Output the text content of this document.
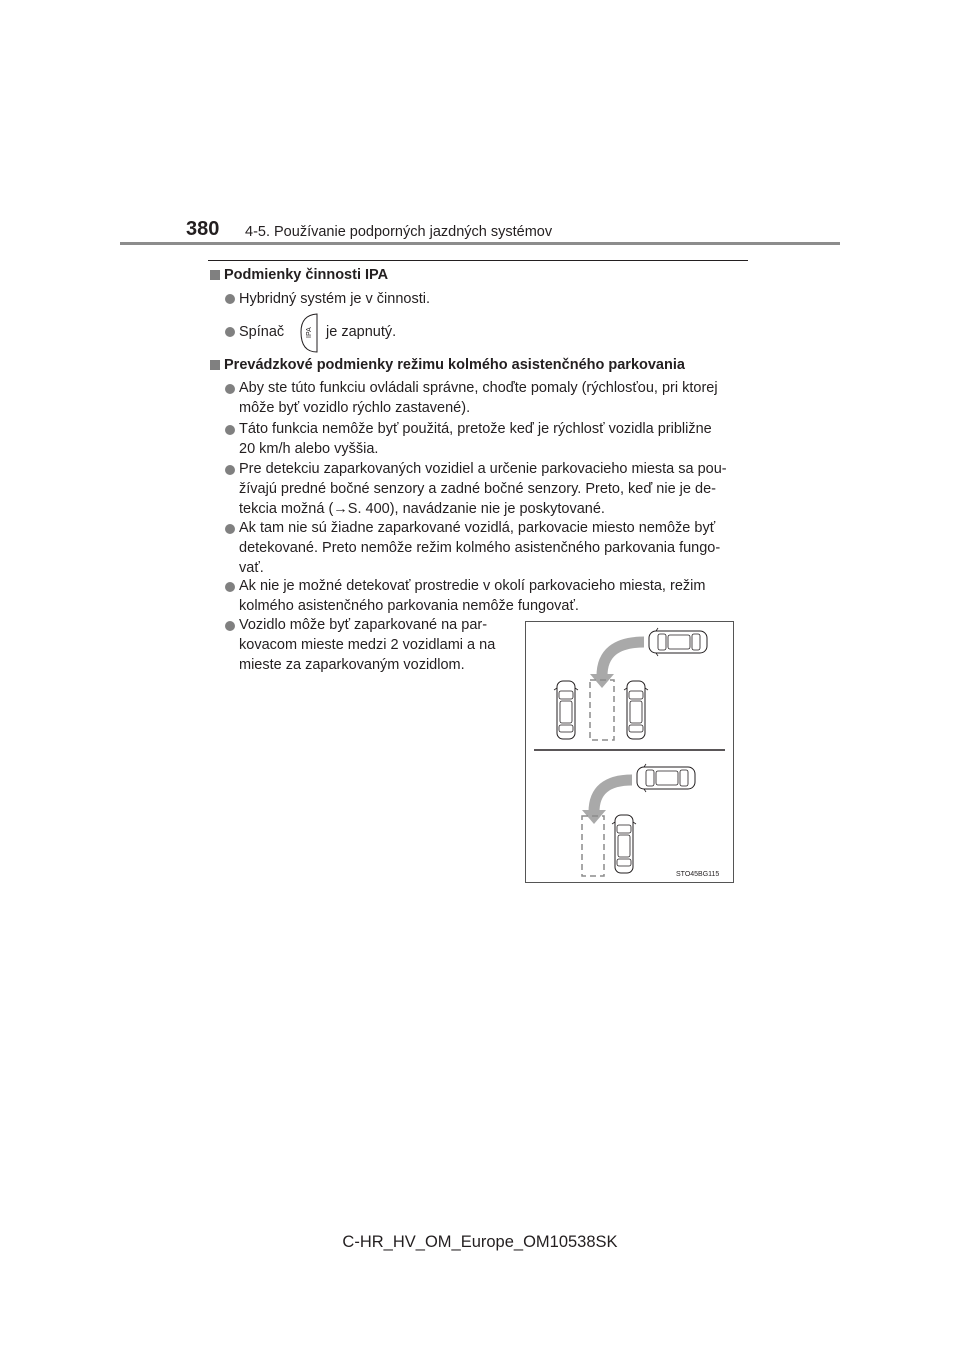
380 4-5. Používanie podporných jazdných systémov
Podmienky činnosti IPA
Hybridný systém je v činnosti.
Spínač	IPA je zapnutý.
Prevádzkové podmienky režimu kolmého asistenčného parkovania
Aby ste túto funkciu ovládali správne, choďte pomaly (rýchlosťou, pri ktorej
môže byť vozidlo rýchlo zastavené).
Táto funkcia nemôže byť použitá, pretože keď je rýchlosť vozidla približne
20 km/h alebo vyššia.
Pre detekciu zaparkovaných vozidiel a určenie parkovacieho miesta sa pou-
žívajú predné bočné senzory a zadné bočné senzory. Preto, keď nie je de-
tekcia možná (→S. 400), navádzanie nie je poskytované.
Ak tam nie sú žiadne zaparkované vozidlá, parkovacie miesto nemôže byť
detekované. Preto nemôže režim kolmého asistenčného parkovania fungo-
vať.
Ak nie je možné detekovať prostredie v okolí parkovacieho miesta, režim
kolmého asistenčného parkovania nemôže fungovať.
Vozidlo môže byť zaparkované na par-
kovacom mieste medzi 2 vozidlami a na
mieste za zaparkovaným vozidlom.
STO45BG115
C-HR_HV_OM_Europe_OM10538SK
